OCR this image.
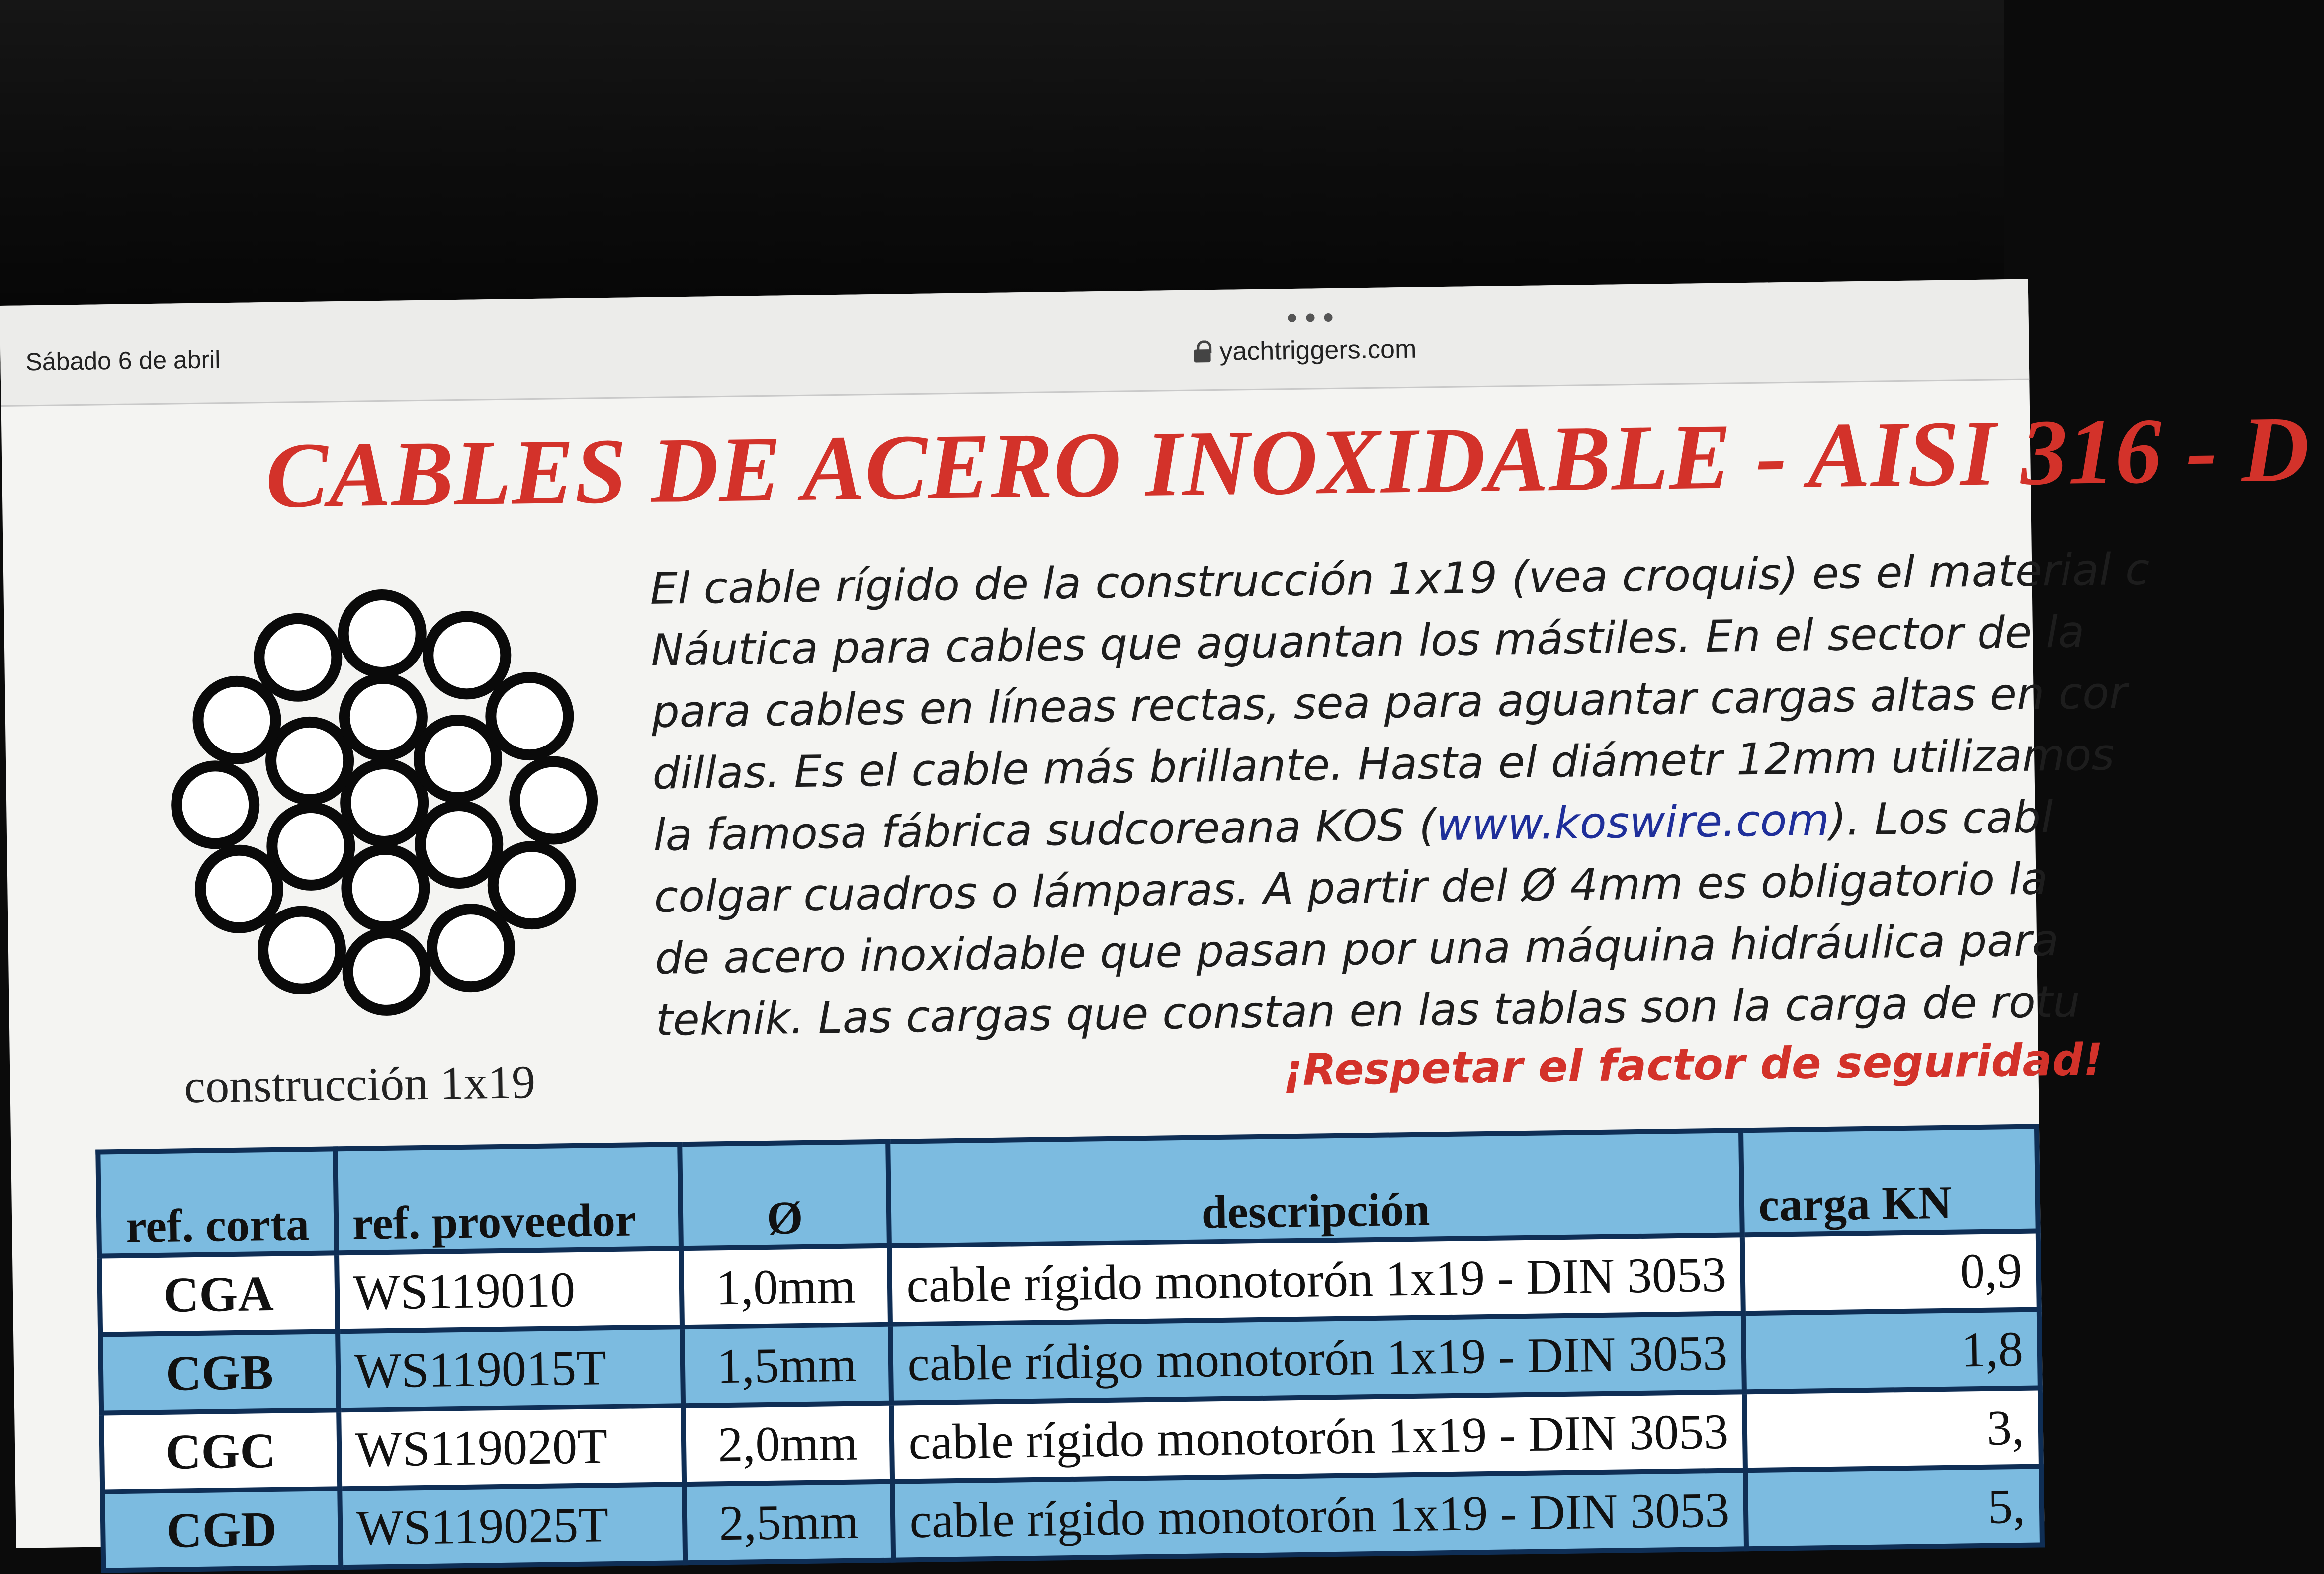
Sábado 6 de abril	yachtriggers.com
CABLES DE ACERO INOXIDABLE - AISI 316 - D
construcción 1x19
El cable rígido de la construcción 1x19 (vea croquis) es el material c
Náutica para cables que aguantan los mástiles. En el sector de la
para cables en líneas rectas, sea para aguantar cargas altas en cor
dillas. Es el cable más brillante. Hasta el diámetr 12mm utilizamos
la famosa fábrica sudcoreana KOS (www.koswire.com). Los cabl
colgar cuadros o lámparas. A partir del Ø 4mm es obligatorio la
de acero inoxidable que pasan por una máquina hidráulica para
teknik. Las cargas que constan en las tablas son la carga de rotu
¡Respetar el factor de seguridad!
ref. corta	ref. proveedor	Ø	descripción	carga KN
CGA	WS119010	1,0mm	cable rígido monotorón 1x19 - DIN 3053	0,9
CGB	WS119015T	1,5mm	cable rídigo monotorón 1x19 - DIN 3053	1,8
CGC	WS119020T	2,0mm	cable rígido monotorón 1x19 - DIN 3053	3,
CGD	WS119025T	2,5mm	cable rígido monotorón 1x19 - DIN 3053	5,
